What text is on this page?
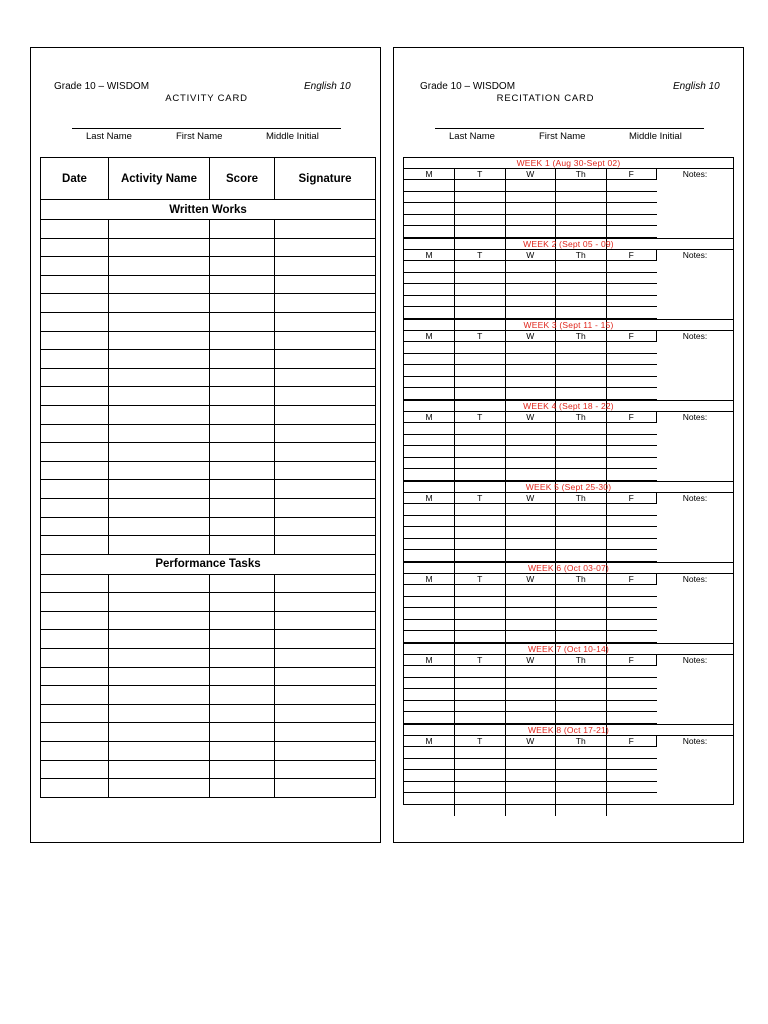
Grade 10 – WISDOM	English 10
ACTIVITY CARD
Last Name	First Name	Middle Initial
Date	Activity Name	Score	Signature
Written Works			

Performance Tasks			

Grade 10 – WISDOM	English 10
RECITATION CARD
Last Name	First Name	Middle Initial
WEEK 1 (Aug 30-Sept 02)
M	T	W	Th	F	Notes:

WEEK 2 (Sept 05 - 09)
M	T	W	Th	F	Notes:

WEEK 3 (Sept 11 - 15)
M	T	W	Th	F	Notes:

WEEK 4 (Sept 18 - 22)
M	T	W	Th	F	Notes:

WEEK 5 (Sept 25-30)
M	T	W	Th	F	Notes:

WEEK 6 (Oct 03-07)
M	T	W	Th	F	Notes:

WEEK 7 (Oct 10-14)
M	T	W	Th	F	Notes:

WEEK 8 (Oct 17-21)
M	T	W	Th	F	Notes:
